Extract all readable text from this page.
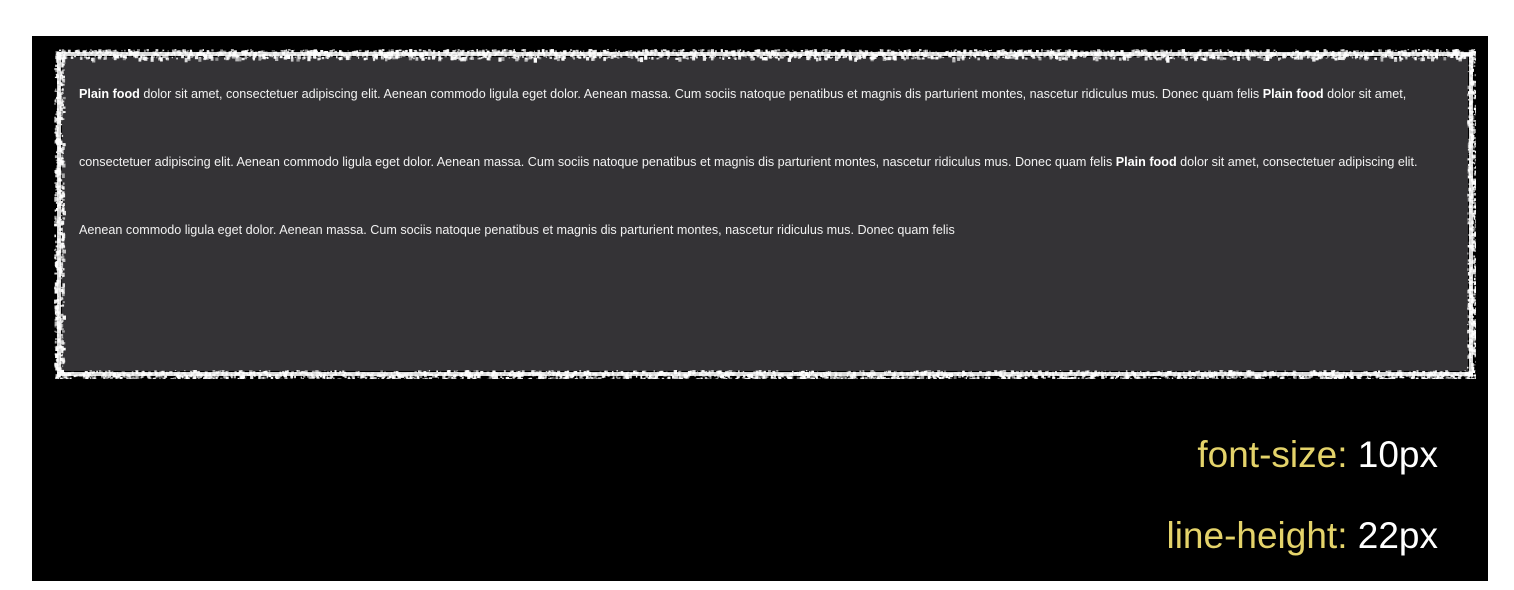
Plain food dolor sit amet, consectetuer adipiscing elit. Aenean commodo ligula eget dolor. Aenean massa. Cum sociis natoque penatibus et magnis dis parturient montes, nascetur ridiculus mus. Donec quam felis Plain food dolor sit amet, consectetuer adipiscing elit. Aenean commodo ligula eget dolor. Aenean massa. Cum sociis natoque penatibus et magnis dis parturient montes, nascetur ridiculus mus. Donec quam felis Plain food dolor sit amet, consectetuer adipiscing elit. Aenean commodo ligula eget dolor. Aenean massa. Cum sociis natoque penatibus et magnis dis parturient montes, nascetur ridiculus mus. Donec quam felis

font-size: 10px
line-height: 22px
